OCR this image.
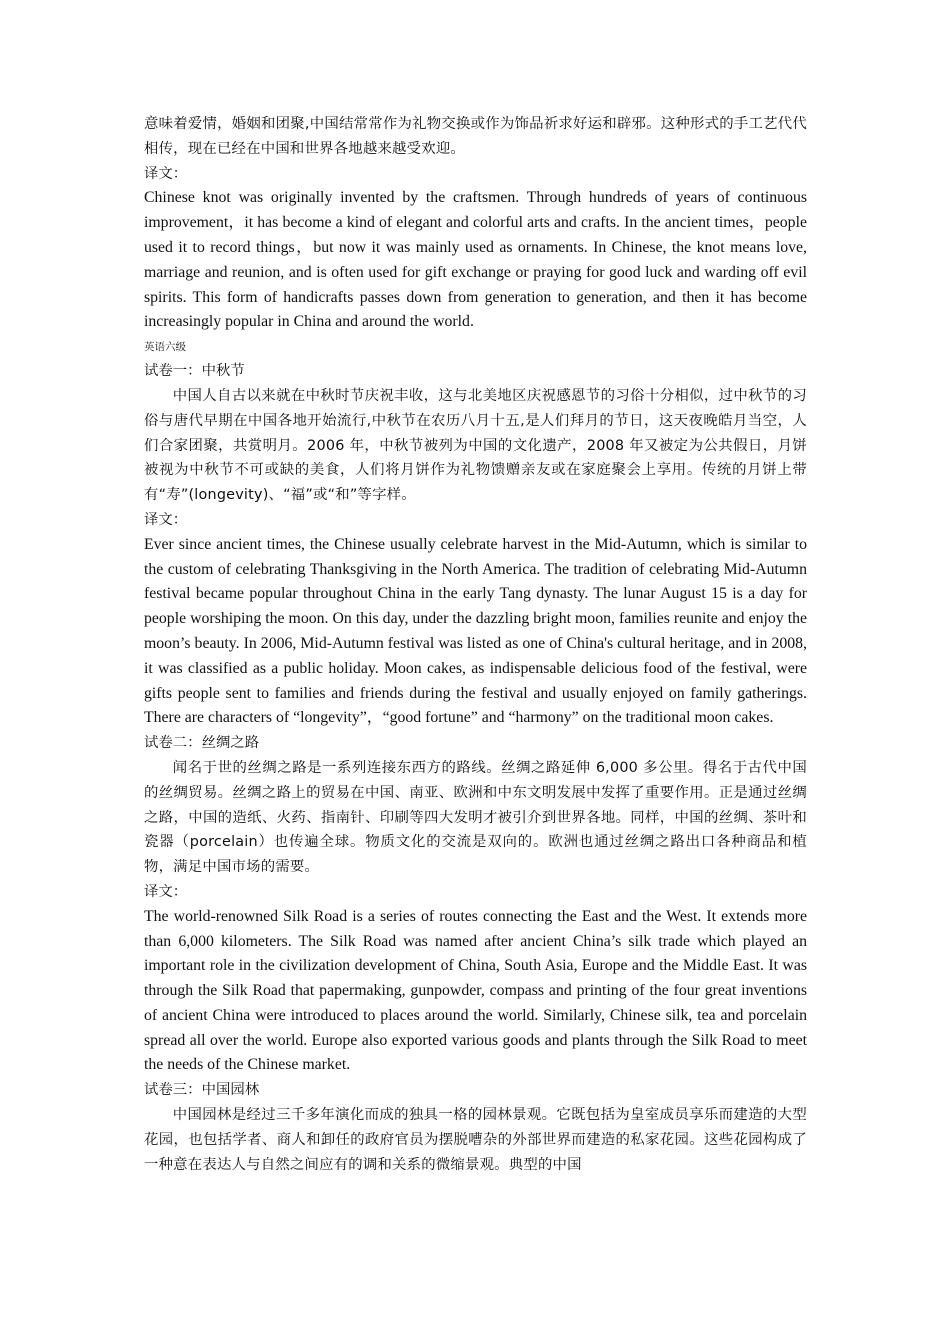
意味着爱情，婚姻和团聚,中国结常常作为礼物交换或作为饰品祈求好运和辟邪。这种形式的手工艺代代相传，现在已经在中国和世界各地越来越受欢迎。

译文：

Chinese knot was originally invented by the craftsmen. Through hundreds of years of continuous improvement，it has become a kind of elegant and colorful arts and crafts. In the ancient times，people used it to record things，but now it was mainly used as ornaments. In Chinese, the knot means love, marriage and reunion, and is often used for gift exchange or praying for good luck and warding off evil spirits. This form of handicrafts passes down from generation to generation, and then it has become increasingly popular in China and around the world.

英语六级

试卷一：中秋节

中国人自古以来就在中秋时节庆祝丰收，这与北美地区庆祝感恩节的习俗十分相似，过中秋节的习俗与唐代早期在中国各地开始流行,中秋节在农历八月十五,是人们拜月的节日，这天夜晚皓月当空，人们合家团聚，共赏明月。2006 年，中秋节被列为中国的文化遗产，2008 年又被定为公共假日，月饼被视为中秋节不可或缺的美食，人们将月饼作为礼物馈赠亲友或在家庭聚会上享用。传统的月饼上带有“寿”(longevity)、“福”或“和”等字样。

译文：

Ever since ancient times, the Chinese usually celebrate harvest in the Mid-Autumn, which is similar to the custom of celebrating Thanksgiving in the North America. The tradition of celebrating Mid-Autumn festival became popular throughout China in the early Tang dynasty. The lunar August 15 is a day for people worshiping the moon. On this day, under the dazzling bright moon, families reunite and enjoy the moon’s beauty. In 2006, Mid-Autumn festival was listed as one of China's cultural heritage, and in 2008, it was classified as a public holiday. Moon cakes, as indispensable delicious food of the festival, were gifts people sent to families and friends during the festival and usually enjoyed on family gatherings. There are characters of “longevity”，“good fortune” and “harmony” on the traditional moon cakes.

试卷二：丝绸之路

闻名于世的丝绸之路是一系列连接东西方的路线。丝绸之路延伸 6,000 多公里。得名于古代中国的丝绸贸易。丝绸之路上的贸易在中国、南亚、欧洲和中东文明发展中发挥了重要作用。正是通过丝绸之路，中国的造纸、火药、指南针、印刷等四大发明才被引介到世界各地。同样，中国的丝绸、茶叶和瓷器（porcelain）也传遍全球。物质文化的交流是双向的。欧洲也通过丝绸之路出口各种商品和植物，满足中国市场的需要。

译文：

The world-renowned Silk Road is a series of routes connecting the East and the West. It extends more than 6,000 kilometers. The Silk Road was named after ancient China’s silk trade which played an important role in the civilization development of China, South Asia, Europe and the Middle East. It was through the Silk Road that papermaking, gunpowder, compass and printing of the four great inventions of ancient China were introduced to places around the world. Similarly, Chinese silk, tea and porcelain spread all over the world. Europe also exported various goods and plants through the Silk Road to meet the needs of the Chinese market.

试卷三：中国园林

中国园林是经过三千多年演化而成的独具一格的园林景观。它既包括为皇室成员享乐而建造的大型花园，也包括学者、商人和卸任的政府官员为摆脱嘈杂的外部世界而建造的私家花园。这些花园构成了一种意在表达人与自然之间应有的调和关系的微缩景观。典型的中国
